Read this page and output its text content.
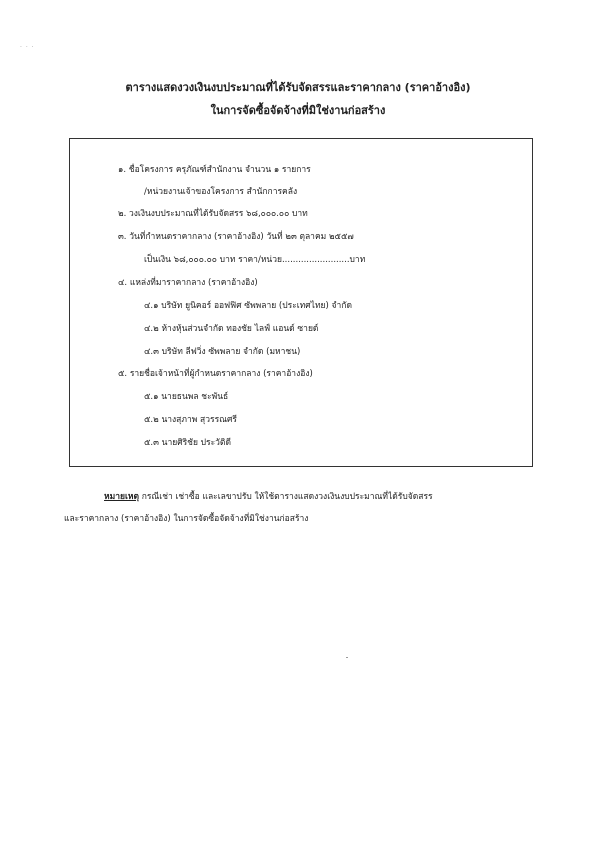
· · ·
ตารางแสดงวงเงินงบประมาณที่ได้รับจัดสรรและราคากลาง (ราคาอ้างอิง)
ในการจัดซื้อจัดจ้างที่มิใช่งานก่อสร้าง
๑. ชื่อโครงการ ครุภัณฑ์สำนักงาน จำนวน ๑ รายการ
/หน่วยงานเจ้าของโครงการ สำนักการคลัง
๒. วงเงินงบประมาณที่ได้รับจัดสรร ๖๘,๐๐๐.๐๐ บาท
๓. วันที่กำหนดราคากลาง (ราคาอ้างอิง) วันที่ ๒๓ ตุลาคม ๒๕๕๗
เป็นเงิน ๖๘,๐๐๐.๐๐ บาท ราคา/หน่วย.........................บาท
๔. แหล่งที่มาราคากลาง (ราคาอ้างอิง)
๔.๑ บริษัท ยูนิคอร์ ออฟฟิศ ซัพพลาย (ประเทศไทย) จำกัด
๔.๒ ห้างหุ้นส่วนจำกัด ทองชัย ไลฟ์ แอนด์ ซายด์
๔.๓ บริษัท ลีฟวิ่ง ซัพพลาย จำกัด (มหาชน)
๕. รายชื่อเจ้าหน้าที่ผู้กำหนดราคากลาง (ราคาอ้างอิง)
๕.๑ นายธนพล ชะพันธ์
๕.๒ นางสุภาพ สุวรรณศรี
๕.๓ นายศิริชัย ประวัติดี
หมายเหตุ กรณีเช่า เช่าซื้อ และเลขาปรับ ให้ใช้ตารางแสดงวงเงินงบประมาณที่ได้รับจัดสรร
และราคากลาง (ราคาอ้างอิง) ในการจัดซื้อจัดจ้างที่มิใช่งานก่อสร้าง
